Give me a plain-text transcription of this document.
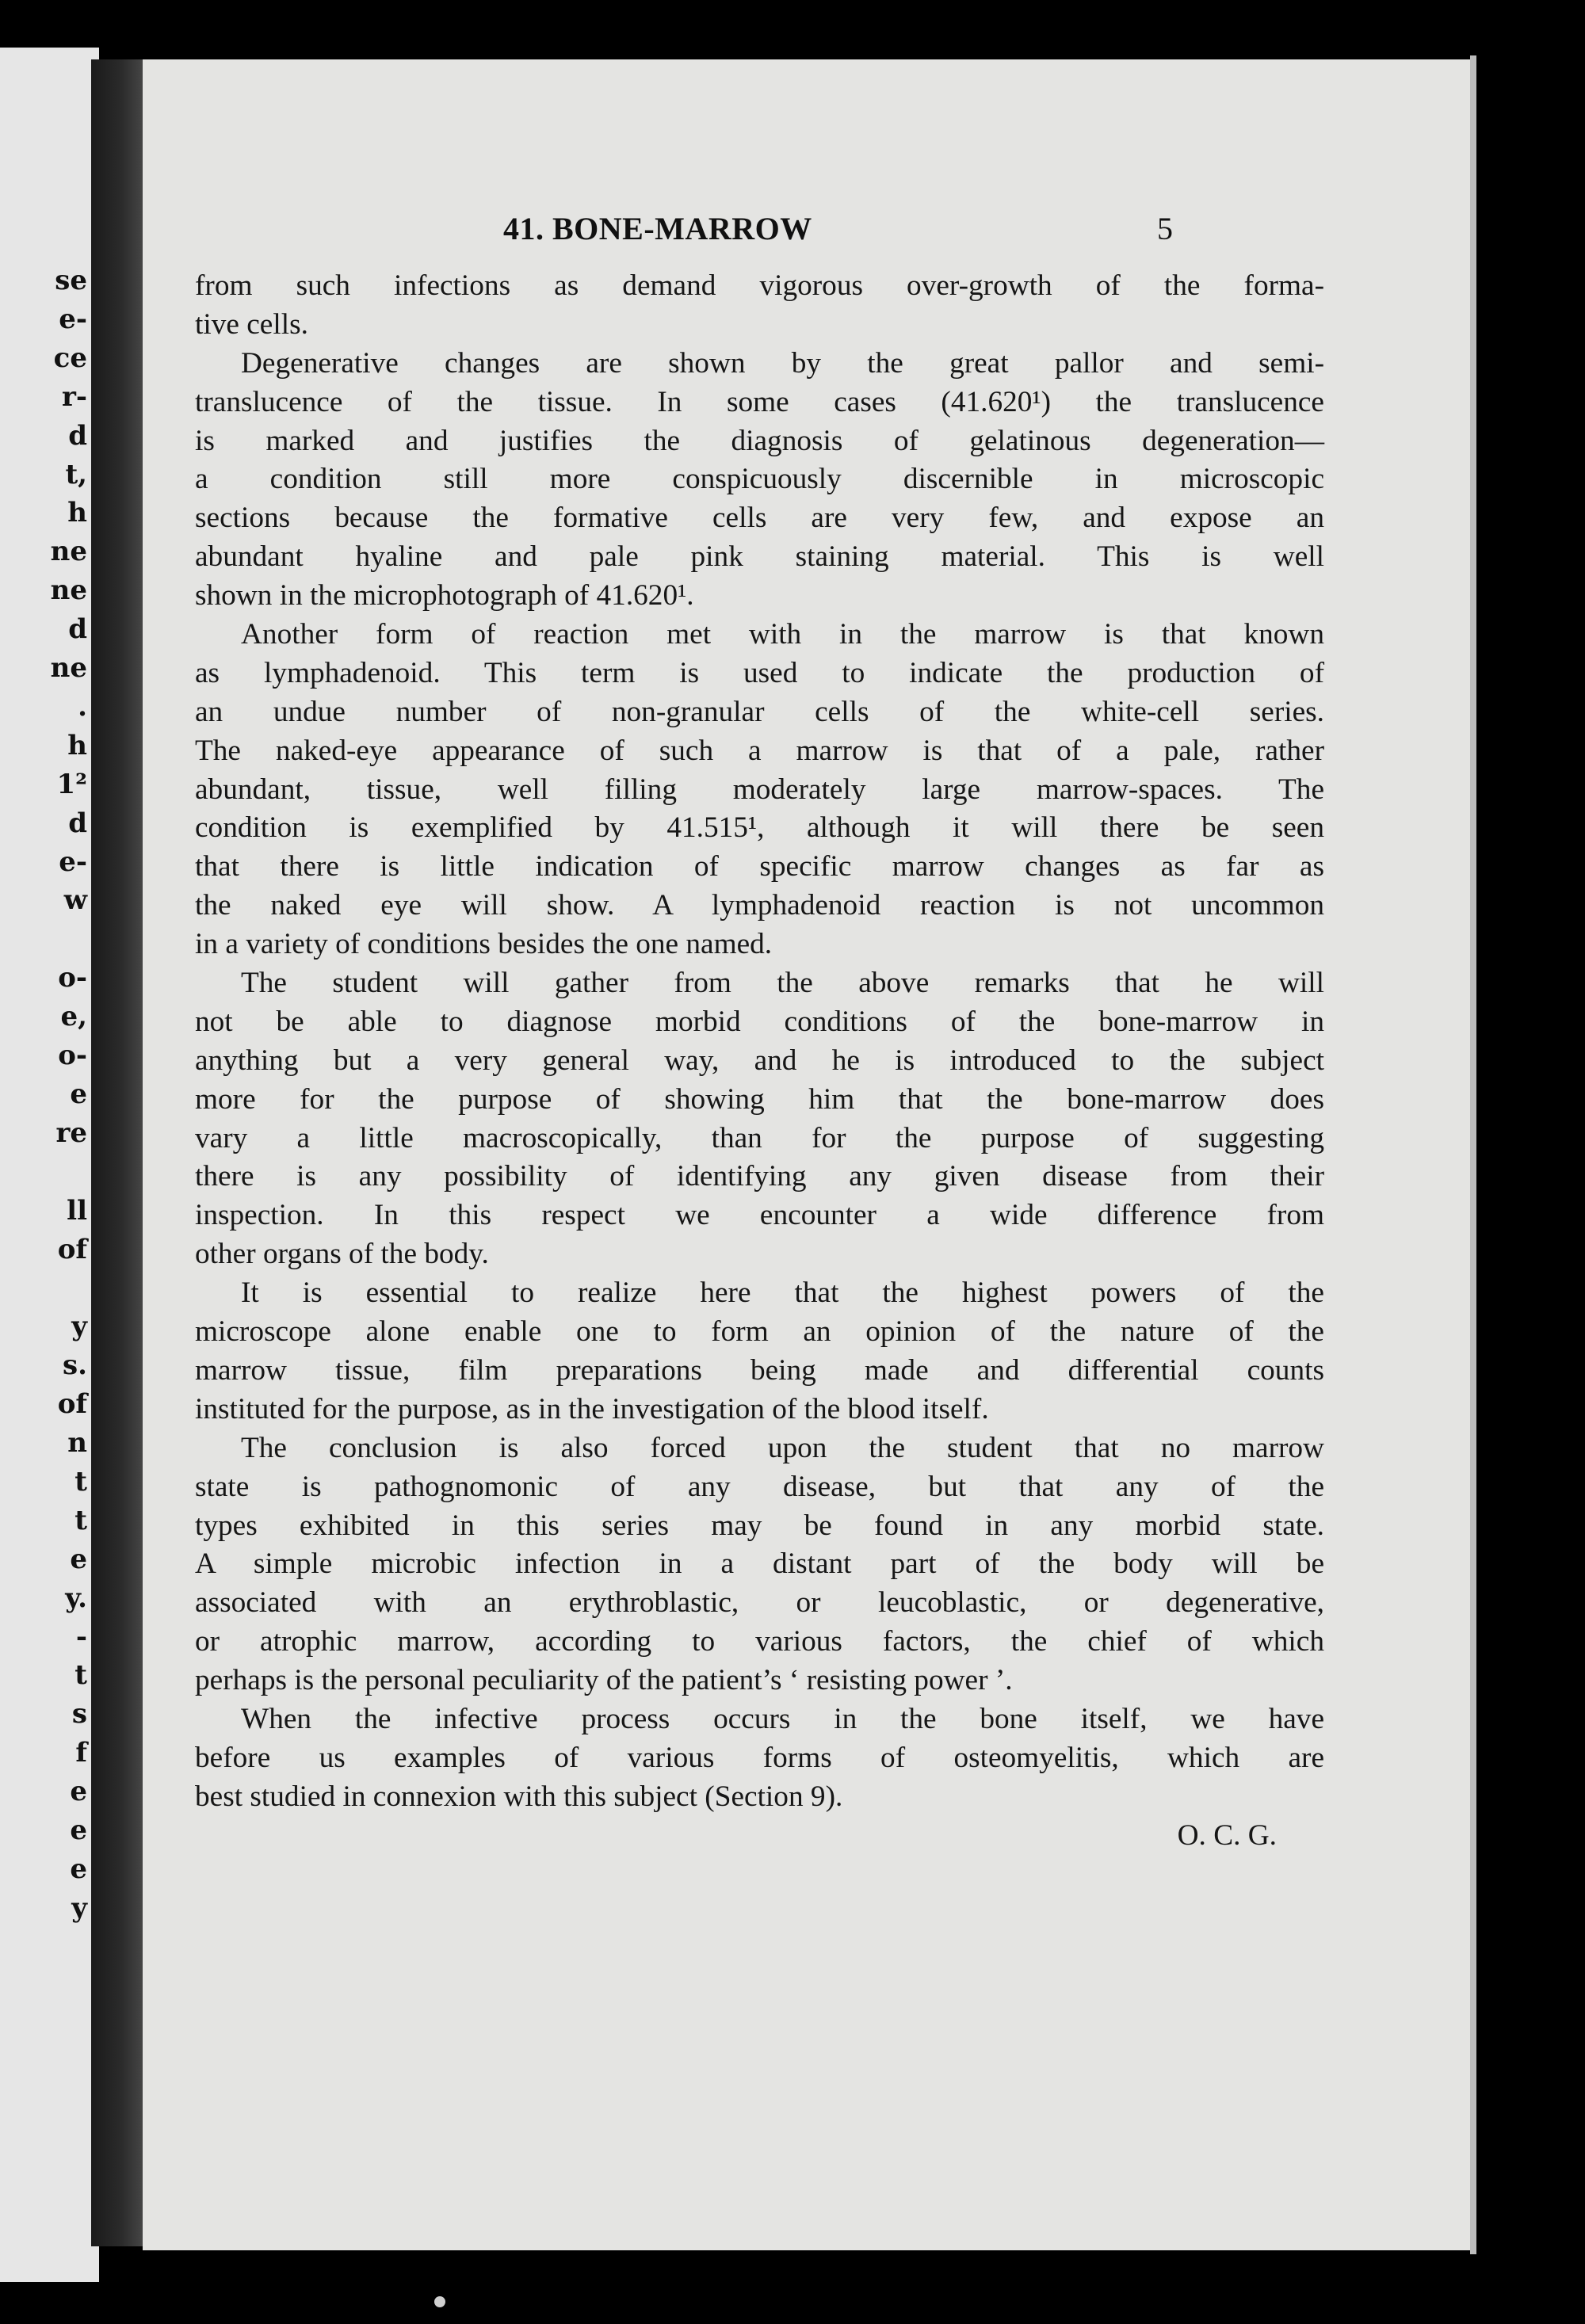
se
e-
ce
r-
d
t,
h
ne
ne
d
ne
.
h
1²
d
e-
w
o-
e,
o-
e
re
ll
of
y
s.
of
n
t
t
e
y.
-
t
s
f
e
e
e
y
41. BONE-MARROW	5
from such infections as demand vigorous over-growth of the forma-
tive cells.
Degenerative changes are shown by the great pallor and semi-
translucence of the tissue. In some cases (41.620¹) the translucence
is marked and justifies the diagnosis of gelatinous degeneration—
a condition still more conspicuously discernible in microscopic
sections because the formative cells are very few, and expose an
abundant hyaline and pale pink staining material. This is well
shown in the microphotograph of 41.620¹.
Another form of reaction met with in the marrow is that known
as lymphadenoid. This term is used to indicate the production of
an undue number of non-granular cells of the white-cell series.
The naked-eye appearance of such a marrow is that of a pale, rather
abundant, tissue, well filling moderately large marrow-spaces. The
condition is exemplified by 41.515¹, although it will there be seen
that there is little indication of specific marrow changes as far as
the naked eye will show. A lymphadenoid reaction is not uncommon
in a variety of conditions besides the one named.
The student will gather from the above remarks that he will
not be able to diagnose morbid conditions of the bone-marrow in
anything but a very general way, and he is introduced to the subject
more for the purpose of showing him that the bone-marrow does
vary a little macroscopically, than for the purpose of suggesting
there is any possibility of identifying any given disease from their
inspection. In this respect we encounter a wide difference from
other organs of the body.
It is essential to realize here that the highest powers of the
microscope alone enable one to form an opinion of the nature of the
marrow tissue, film preparations being made and differential counts
instituted for the purpose, as in the investigation of the blood itself.
The conclusion is also forced upon the student that no marrow
state is pathognomonic of any disease, but that any of the
types exhibited in this series may be found in any morbid state.
A simple microbic infection in a distant part of the body will be
associated with an erythroblastic, or leucoblastic, or degenerative,
or atrophic marrow, according to various factors, the chief of which
perhaps is the personal peculiarity of the patient’s ‘ resisting power ’.
When the infective process occurs in the bone itself, we have
before us examples of various forms of osteomyelitis, which are
best studied in connexion with this subject (Section 9).
O. C. G.
